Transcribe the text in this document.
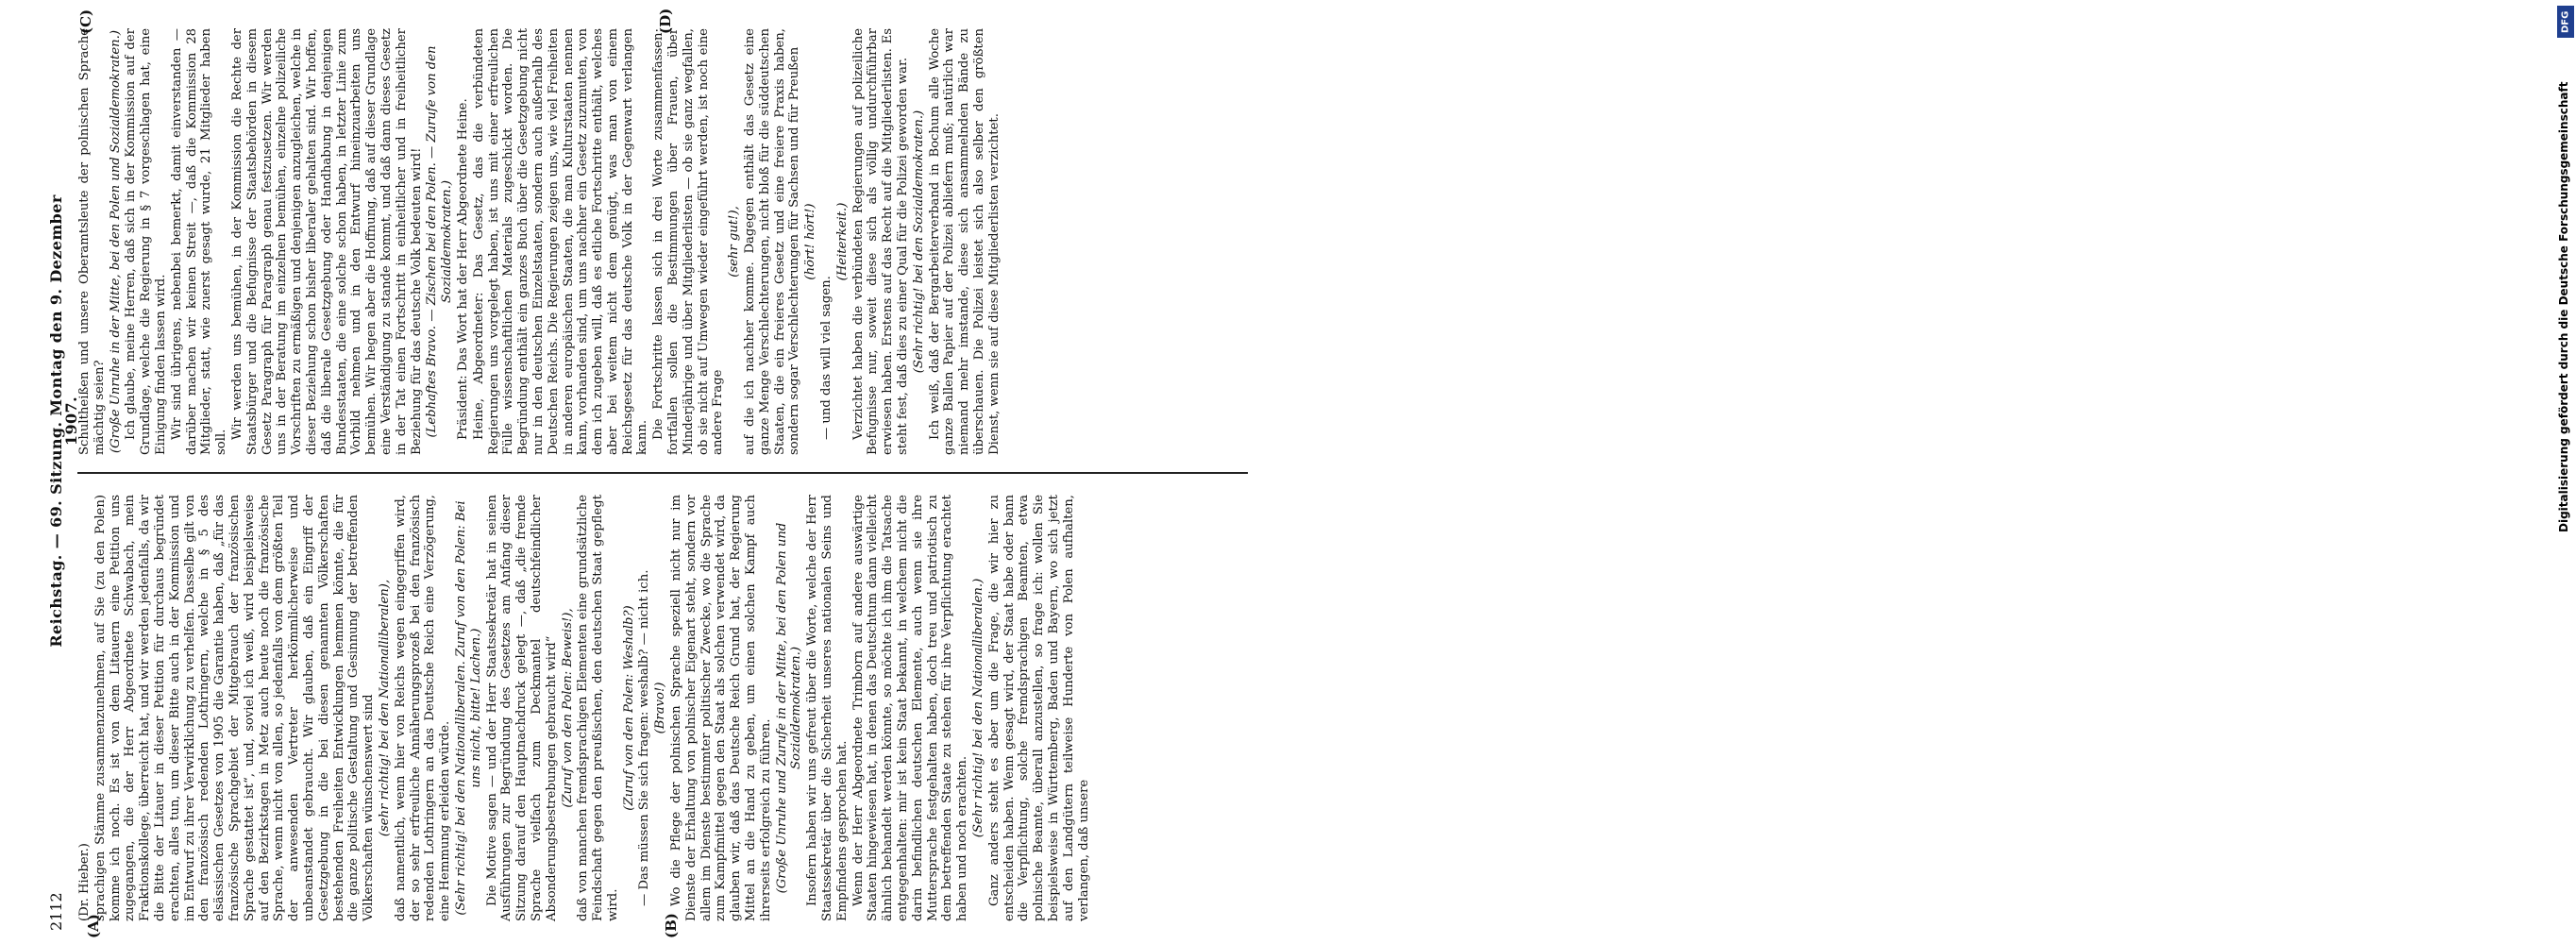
DFG
Digitalisierung gefördert durch die Deutsche Forschungsgemeinschaft
2112
Reichstag. — 69. Sitzung. Montag den 9. Dezember 1907.
(A)	(B)
(C)	(D)

(Dr. Hieber.) sprachigen Stämme zusammenzunehmen, auf Sie (zu den Polen) komme ich noch. Es ist von dem Litauern eine Petition uns zugegangen, die der Herr Abgeordnete Schwabach, mein Fraktionskollege, überreicht hat, und wir werden jedenfalls, da wir die Bitte der Litauer in dieser Petition für durchaus begründet erachten, alles tun, um dieser Bitte auch in der Kommission und im Entwurf zu ihrer Verwirklichung zu verhelfen. Dasselbe gilt von den französisch redenden Lothringern, welche in § 5 des elsässischen Gesetzes von 1905 die Garantie haben, daß „für das französische Sprachgebiet der Mitgebrauch der französischen Sprache gestattet ist“, und, soviel ich weiß, wird beispielsweise auf den Bezirkstagen in Metz auch heute noch die französische Sprache, wenn nicht von allen, so jedenfalls von dem größten Teil der anwesenden Vertreter herkömmlicherweise und unbeanstandet gebraucht. Wir glauben, daß ein Eingriff der Gesetzgebung in die bei diesen genannten Völkerschaften bestehenden Freiheiten Entwicklungen hemmen könnte, die für die ganze politische Gestaltung und Gesinnung der betreffenden Völkerschaften wünschenswert sind (sehr richtig! bei den Nationalliberalen), daß namentlich, wenn hier von Reichs wegen eingegriffen wird, der so sehr erfreuliche Annäherungsprozeß bei den französisch redenden Lothringern an das Deutsche Reich eine Verzögerung, eine Hemmung erleiden würde. (Sehr richtig! bei den Nationalliberalen. Zuruf von den Polen: Bei uns nicht, bitte! Lachen.) Die Motive sagen — und der Herr Staatssekretär hat in seinen Ausführungen zur Begründung des Gesetzes am Anfang dieser Sitzung darauf den Hauptnachdruck gelegt —, daß „die fremde Sprache vielfach zum Deckmantel deutschfeindlicher Absonderungsbestrebungen gebraucht wird“ (Zuruf von den Polen: Beweis!), daß von manchen fremdsprachigen Elementen eine grundsätzliche Feindschaft gegen den preußischen, den deutschen Staat gepflegt wird.

(Zuruf von den Polen: Weshalb?) — Das müssen Sie sich fragen: weshalb? — nicht ich. (Bravo!) Wo die Pflege der polnischen Sprache speziell nicht nur im Dienste der Erhaltung von polnischer Eigenart steht, sondern vor allem im Dienste bestimmter politischer Zwecke, wo die Sprache zum Kampfmittel gegen den Staat als solchen verwendet wird, da glauben wir, daß das Deutsche Reich Grund hat, der Regierung Mittel an die Hand zu geben, um einen solchen Kampf auch ihrerseits erfolgreich zu führen. (Große Unruhe und Zurufe in der Mitte, bei den Polen und Sozialdemokraten.) Insofern haben wir uns gefreut über die Worte, welche der Herr Staatssekretär über die Sicherheit unseres nationalen Seins und Empfindens gesprochen hat. Wenn der Herr Abgeordnete Trimborn auf andere auswärtige Staaten hingewiesen hat, in denen das Deutschtum dann vielleicht ähnlich behandelt werden könnte, so möchte ich ihm die Tatsache entgegenhalten: mir ist kein Staat bekannt, in welchem nicht die darin befindlichen deutschen Elemente, auch wenn sie ihre Muttersprache festgehalten haben, doch treu und patriotisch zu dem betreffenden Staate zu stehen für ihre Verpflichtung erachtet haben und noch erachten.

(Sehr richtig! bei den Nationalliberalen.) Ganz anders steht es aber um die Frage, die wir hier zu entscheiden haben. Wenn gesagt wird, der Staat habe oder bann die Verpflichtung, solche fremdsprachigen Beamten, etwa polnische Beamte, überall anzustellen, so frage ich: wollen Sie beispielsweise in Württemberg, Baden und Bayern, wo sich jetzt auf den Landgütern teilweise Hunderte von Polen aufhalten, verlangen, daß unsere

Schultheißen und unsere Oberamtsleute der polnischen Sprache mächtig seien? (Große Unruhe in der Mitte, bei den Polen und Sozialdemokraten.) Ich glaube, meine Herren, daß sich in der Kommission auf der Grundlage, welche die Regierung in § 7 vorgeschlagen hat, eine Einigung finden lassen wird. Wir sind übrigens, nebenbei bemerkt, damit einverstanden — darüber machen wir keinen Streit —, daß die Kommission 28 Mitglieder, statt, wie zuerst gesagt wurde, 21 Mitglieder haben soll.

Wir werden uns bemühen, in der Kommission die Rechte der Staatsbürger und die Befugnisse der Staatsbehörden in diesem Gesetz Paragraph für Paragraph genau festzusetzen. Wir werden uns in der Beratung im einzelnen bemühen, einzelne polizeiliche Vorschriften zu ermäßigen und denjenigen anzugleichen, welche in dieser Beziehung schon bisher liberaler gehalten sind. Wir hoffen, daß die liberale Gesetzgebung oder Handhabung in denjenigen Bundesstaaten, die eine solche schon haben, in letzter Linie zum Vorbild nehmen und in den Entwurf hineinzuarbeiten uns bemühen. Wir hegen aber die Hoffnung, daß auf dieser Grundlage eine Verständigung zu stande kommt, und daß dann dieses Gesetz in der Tat einen Fortschritt in einheitlicher und in freiheitlicher Beziehung für das deutsche Volk bedeuten wird! (Lebhaftes Bravo. — Zischen bei den Polen. — Zurufe von den Sozialdemokraten.) Präsident: Das Wort hat der Herr Abgeordnete Heine. Heine, Abgeordneter: Das Gesetz, das die verbündeten Regierungen uns vorgelegt haben, ist uns mit einer erfreulichen Fülle wissenschaftlichen Materials zugeschickt worden. Die Begründung enthält ein ganzes Buch über die Gesetzgebung nicht nur in den deutschen Einzelstaaten, sondern auch außerhalb des Deutschen Reichs. Die Regierungen zeigen uns, wie viel Freiheiten in anderen europäischen Staaten, die man Kulturstaaten nennen kann, vorhanden sind, um uns nachher ein Gesetz zuzumuten, von dem ich zugeben will, daß es etliche Fortschritte enthält, welches aber bei weitem nicht dem genügt, was man von einem Reichsgesetz für das deutsche Volk in der Gegenwart verlangen kann. Die Fortschritte lassen sich in drei Worte zusammenfassen: fortfallen sollen die Bestimmungen über Frauen, über Minderjährige und über Mitgliederlisten — ob sie ganz wegfallen, ob sie nicht auf Umwegen wieder eingeführt werden, ist noch eine andere Frage

(sehr gut!), auf die ich nachher komme. Dagegen enthält das Gesetz eine ganze Menge Verschlechterungen, nicht bloß für die süddeutschen Staaten, die ein freieres Gesetz und eine freiere Praxis haben, sondern sogar Verschlechterungen für Sachsen und für Preußen (hört! hört!)

— und das will viel sagen.

(Heiterkeit.) Verzichtet haben die verbündeten Regierungen auf polizeiliche Befugnisse nur, soweit diese sich als völlig undurchführbar erwiesen haben. Erstens auf das Recht auf die Mitgliederlisten. Es steht fest, daß dies zu einer Qual für die Polizei geworden war. (Sehr richtig! bei den Sozialdemokraten.) Ich weiß, daß der Bergarbeiterverband in Bochum alle Woche ganze Ballen Papier auf der Polizei abliefern muß; natürlich war niemand mehr imstande, diese sich ansammelnden Bände zu überschauen. Die Polizei leistet sich also selber den größten Dienst, wenn sie auf diese Mitgliederlisten verzichtet.
